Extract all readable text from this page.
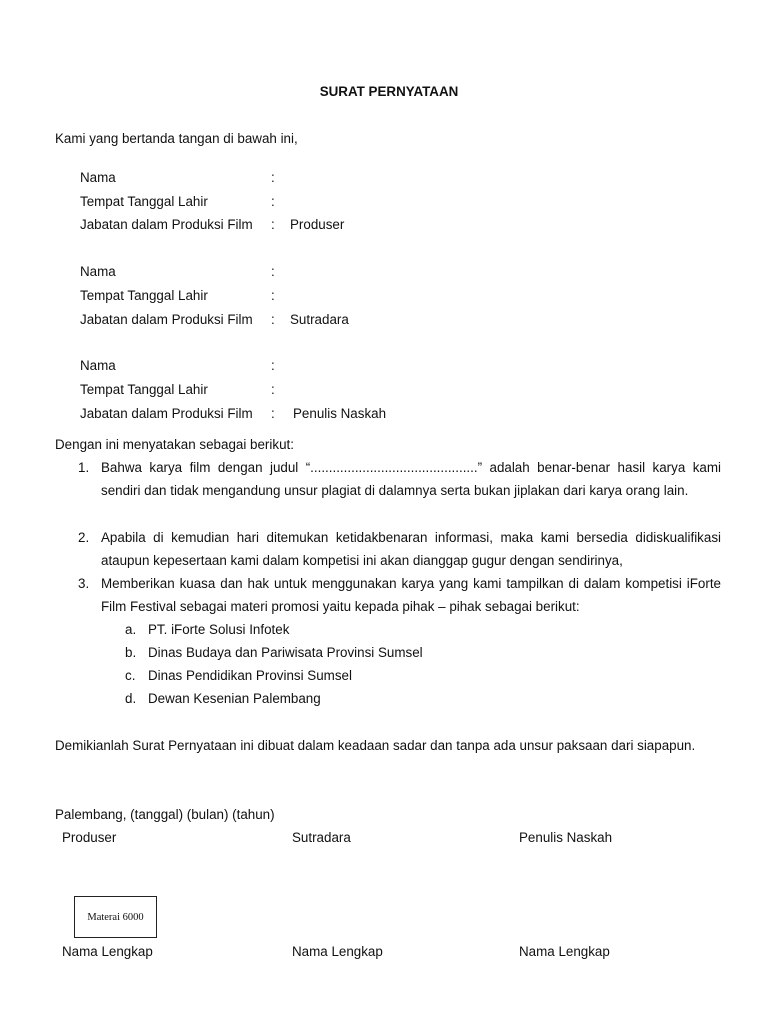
SURAT PERNYATAAN
Kami yang bertanda tangan di bawah ini,
Nama	:
Tempat Tanggal Lahir	:
Jabatan dalam Produksi Film : Produser
Nama	:
Tempat Tanggal Lahir	:
Jabatan dalam Produksi Film : Sutradara
Nama	:
Tempat Tanggal Lahir	:
Jabatan dalam Produksi Film : Penulis Naskah
Dengan ini menyatakan sebagai berikut:
1. Bahwa karya film dengan judul “.............................................” adalah benar-benar hasil karya kami sendiri dan tidak mengandung unsur plagiat di dalamnya serta bukan jiplakan dari karya orang lain.
2. Apabila di kemudian hari ditemukan ketidakbenaran informasi, maka kami bersedia didiskualifikasi ataupun kepesertaan kami dalam kompetisi ini akan dianggap gugur dengan sendirinya,
3. Memberikan kuasa dan hak untuk menggunakan karya yang kami tampilkan di dalam kompetisi iForte Film Festival sebagai materi promosi yaitu kepada pihak – pihak sebagai berikut:
a. PT. iForte Solusi Infotek
b. Dinas Budaya dan Pariwisata Provinsi Sumsel
c. Dinas Pendidikan Provinsi Sumsel
d. Dewan Kesenian Palembang
Demikianlah Surat Pernyataan ini dibuat dalam keadaan sadar dan tanpa ada unsur paksaan dari siapapun.
Palembang, (tanggal) (bulan) (tahun)
Produser	Sutradara	Penulis Naskah
Materai 6000
Nama Lengkap	Nama Lengkap	Nama Lengkap
